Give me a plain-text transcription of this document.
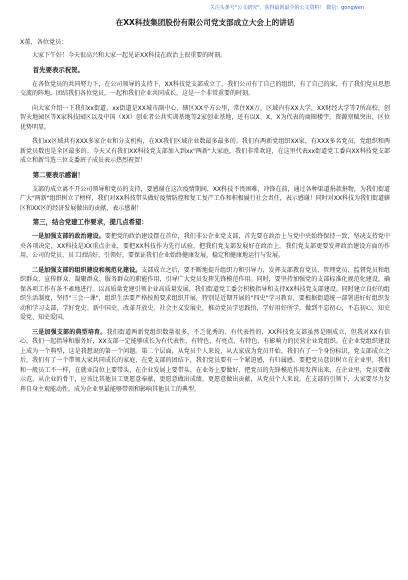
关注头条号"公文研究"，获得最新最全的公文资料！ 微信：gongwen
在XX科技集团股份有限公司党支部成立大会上的讲话
X董、各位党员：

大家下午好！今天很高兴和大家一起见证XX科技在政治上很重要的时刻。

首先要表示祝贺。

在各位党员的共同努力下，在公司领导的支持下，XX科技党支部成立了，我们公司有了自己的组织，有了自己的家，有了我们党员思想交流的阵地，团结我们各位党员，一起和我们企业共同成长，这是一个非常重要的时刻。

向大家介绍一下我们xx街道，xx街道是XX城市副中心，辖区XX平方公里，常住XX万，区域内有XX大学，XX财经大学等7所高校，创智天地园区等X家科技园区以及中国（XX）创业者公共实训基地等2家创业基地，还有以X、X、X为代表的商圈楼宇，资源禀赋突出，区位优势明显。

我们xx区域共有XXX多家企业和分支机构，在XX我们区域企业数最多最多的。我们有两新党组织XX家，有XXX多名党员，党组织和两新党员数也是全区最多的。今天又有我们XX科技党支部加入到xx"两新"大家庭，我们非常欢迎，在这里代表xx街道党工委向XX科技党支部成立和新当选三位支委班子成员表示热烈祝贺！

第二要表示感谢！

支部的成立离不开公司领导和党员的支持，要感谢在这次疫情期间，XX科技不畏困难，冲锋在前，通过各种渠道捐款捐物，为我们街道广大"两新"组织树立了榜样，我们对XX科技带头做好疫情防控和复工复产工作和积极履行社会责任，表示感谢！同时对XX科技为我们街道辖区和XX区的经济发展做出的贡献，表示感谢！

第三，结合党建工作要求，提几点希望：

一是加强支部的政治建设。要把党的政治建设摆在首位，我们非公企业党支部，首先要在政治上与党中央始终保持一致，坚决支持党中央各项决定，XX科技是XX重点企业，要把XX科技作为先行试验，把我们党支部发展好在政治上。我们党支部更要发挥政治建设方面的作用，公司的党员、员工团结好、引领好，要保证我们企业始终健康发展，稳定和健康地运行与发展。

二是加强支部的组织建设和规范化建设。支部成立之后，要不断地提升组织力和引导力，发挥支部教育党员、管理党员、监督党员和组织群众、宣传群众、凝聚群众、服务群众的职能作用，引导广大党员发挥先锋模范作用。同时，要坚持加强党的支部标准化规范化建设，确保各项工作有条不紊地进行。以高质量党建引领企业高质量发展，我们街道党工委会积极指导和支持XX科技党支部建设。同时建立良好的组织生活制度，坚持"三会一课"，组织生活要严格按照要求组织开展，特别是近期开展的"四史"学习教育，要根据街道统一部署进好好组织发动和学习支部，学好党史、新中国史、改革开放史、社会主义发展史，推动党员学思践悟，学好用好所学，做到不忘初心，不忘初心，知史爱党、知史爱国。

三是加强支部的典型培育。我们街道两新党组织数量很多，不乏优秀的、有代表性的，XX科技党支部虽然是刚成立，但我对XX有信心，我们一起指导和服务好，XX支部一定能够成长为有代表性、有特色、有亮点、有特色、有影响力的民营企业党组织。在企业党组织建设上成为一个典型，这是我想说的第一个问题。第二个层面，从党员个人来说，从大家成为党员开始，我们有了一个身份标识，党支部成立之后，我们有了一个带领大家共同成长的家庭，在党支部的团结下，我们党员要有一个紧迫感，有归属感，要把党员意识树立在企业里，我们和一般员工不一样，在就业岗位上要带头，在企业发展上要带头，在业务上要做好，把党员的先锋模范作用发挥出来，在企业里，党员要做示范，从企业的骨干，应该比其他员工更愿意奉献，更愿意做出成绩，更愿意做出贡献，从党员个人来说，在支部的引领下，大家要尽力发挥自身主观能动性，成为企业里最能够带领和影响其他员工的典型。
